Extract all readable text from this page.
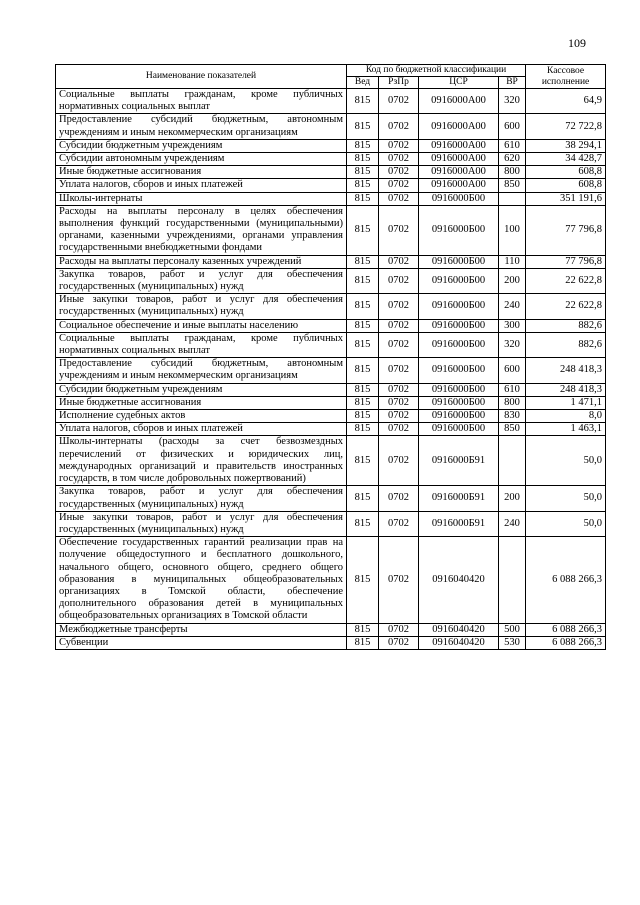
109
Наименование показателей	Код по бюджетной классификации				Кассовое исполнение
	Вед	РзПр	ЦСР	ВР	
Социальные выплаты гражданам, кроме публичных нормативных социальных выплат	815	0702	0916000А00	320	64,9
Предоставление субсидий бюджетным, автономным учреждениям и иным некоммерческим организациям	815	0702	0916000А00	600	72 722,8
Субсидии бюджетным учреждениям	815	0702	0916000А00	610	38 294,1
Субсидии автономным учреждениям	815	0702	0916000А00	620	34 428,7
Иные бюджетные ассигнования	815	0702	0916000А00	800	608,8
Уплата налогов, сборов и иных платежей	815	0702	0916000А00	850	608,8
Школы-интернаты	815	0702	0916000Б00		351 191,6
Расходы на выплаты персоналу в целях обеспечения выполнения функций государственными (муниципальными) органами, казенными учреждениями, органами управления государственными внебюджетными фондами	815	0702	0916000Б00	100	77 796,8
Расходы на выплаты персоналу казенных учреждений	815	0702	0916000Б00	110	77 796,8
Закупка товаров, работ и услуг для обеспечения государственных (муниципальных) нужд	815	0702	0916000Б00	200	22 622,8
Иные закупки товаров, работ и услуг для обеспечения государственных (муниципальных) нужд	815	0702	0916000Б00	240	22 622,8
Социальное обеспечение и иные выплаты населению	815	0702	0916000Б00	300	882,6
Социальные выплаты гражданам, кроме публичных нормативных социальных выплат	815	0702	0916000Б00	320	882,6
Предоставление субсидий бюджетным, автономным учреждениям и иным некоммерческим организациям	815	0702	0916000Б00	600	248 418,3
Субсидии бюджетным учреждениям	815	0702	0916000Б00	610	248 418,3
Иные бюджетные ассигнования	815	0702	0916000Б00	800	1 471,1
Исполнение судебных актов	815	0702	0916000Б00	830	8,0
Уплата налогов, сборов и иных платежей	815	0702	0916000Б00	850	1 463,1
Школы-интернаты (расходы за счет безвозмездных перечислений от физических и юридических лиц, международных организаций и правительств иностранных государств, в том числе добровольных пожертвований)	815	0702	0916000Б91		50,0
Закупка товаров, работ и услуг для обеспечения государственных (муниципальных) нужд	815	0702	0916000Б91	200	50,0
Иные закупки товаров, работ и услуг для обеспечения государственных (муниципальных) нужд	815	0702	0916000Б91	240	50,0
Обеспечение государственных гарантий реализации прав на получение общедоступного и бесплатного дошкольного, начального общего, основного общего, среднего общего образования в муниципальных общеобразовательных организациях в Томской области, обеспечение дополнительного образования детей в муниципальных общеобразовательных организациях в Томской области	815	0702	0916040420		6 088 266,3
Межбюджетные трансферты	815	0702	0916040420	500	6 088 266,3
Субвенции	815	0702	0916040420	530	6 088 266,3
